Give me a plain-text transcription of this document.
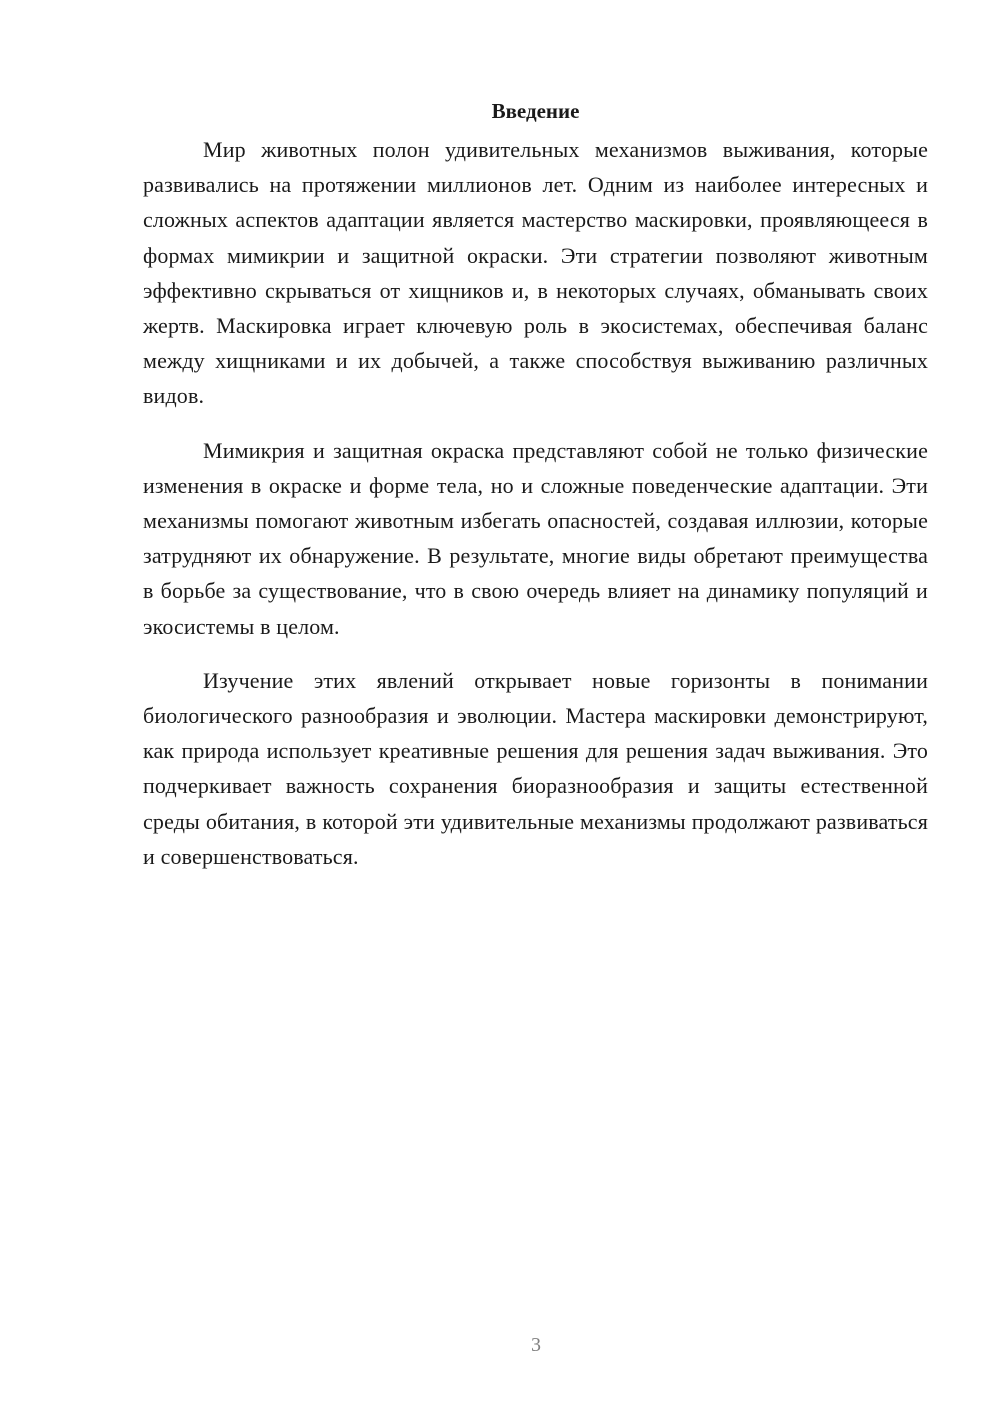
Введение

Мир животных полон удивительных механизмов выживания, которые развивались на протяжении миллионов лет. Одним из наиболее интересных и сложных аспектов адаптации является мастерство маскировки, проявляющееся в формах мимикрии и защитной окраски. Эти стратегии позволяют животным эффективно скрываться от хищников и, в некоторых случаях, обманывать своих жертв. Маскировка играет ключевую роль в экосистемах, обеспечивая баланс между хищниками и их добычей, а также способствуя выживанию различных видов.

Мимикрия и защитная окраска представляют собой не только физические изменения в окраске и форме тела, но и сложные поведенческие адаптации. Эти механизмы помогают животным избегать опасностей, создавая иллюзии, которые затрудняют их обнаружение. В результате, многие виды обретают преимущества в борьбе за существование, что в свою очередь влияет на динамику популяций и экосистемы в целом.

Изучение этих явлений открывает новые горизонты в понимании биологического разнообразия и эволюции. Мастера маскировки демонстрируют, как природа использует креативные решения для решения задач выживания. Это подчеркивает важность сохранения биоразнообразия и защиты естественной среды обитания, в которой эти удивительные механизмы продолжают развиваться и совершенствоваться.

3
